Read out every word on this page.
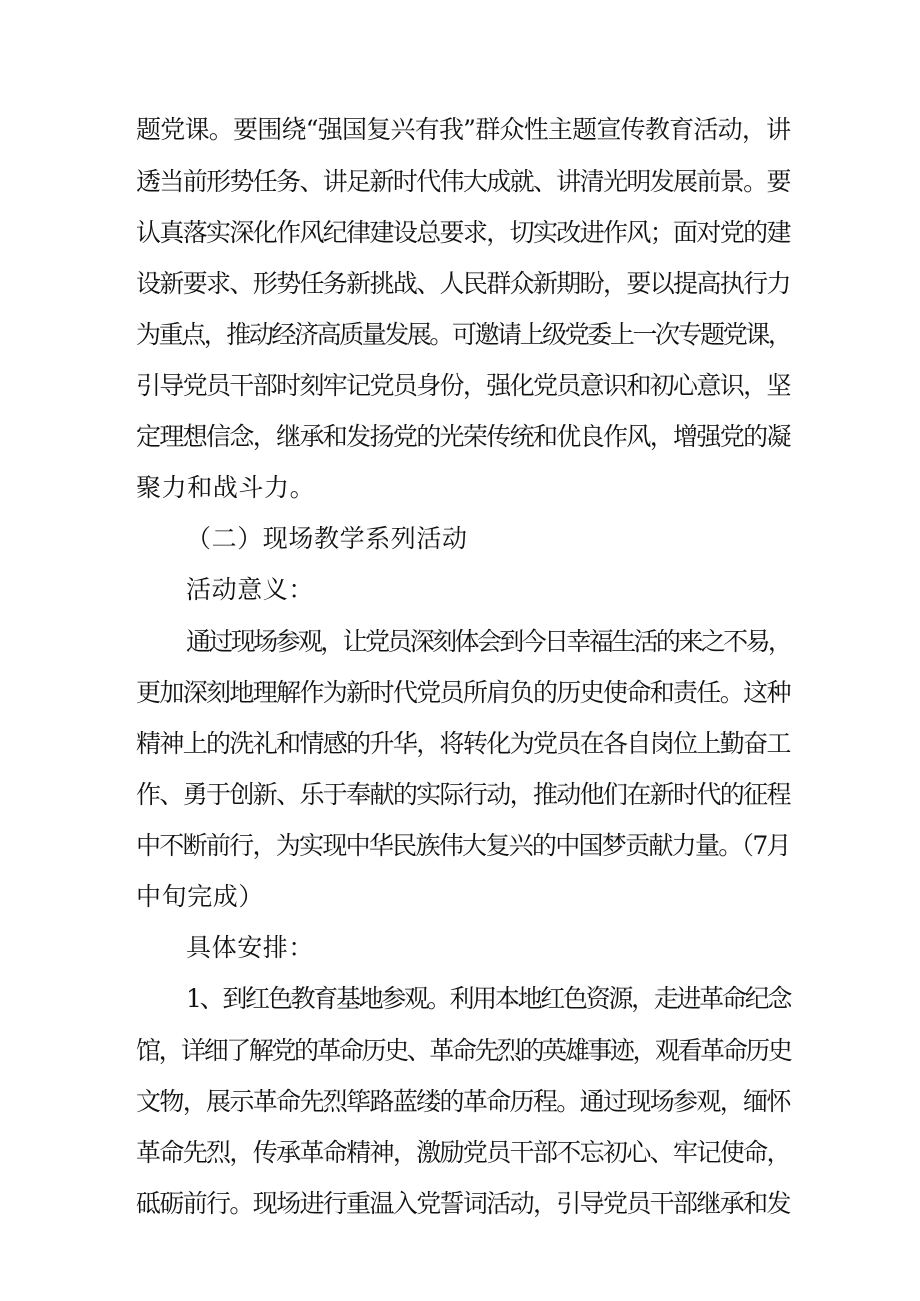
题党课。要围绕“强国复兴有我”群众性主题宣传教育活动，讲
透当前形势任务、讲足新时代伟大成就、讲清光明发展前景。要
认真落实深化作风纪律建设总要求，切实改进作风；面对党的建
设新要求、形势任务新挑战、人民群众新期盼，要以提高执行力
为重点，推动经济高质量发展。可邀请上级党委上一次专题党课，
引导党员干部时刻牢记党员身份，强化党员意识和初心意识，坚
定理想信念，继承和发扬党的光荣传统和优良作风，增强党的凝
聚力和战斗力。
（二）现场教学系列活动
活动意义：
通过现场参观，让党员深刻体会到今日幸福生活的来之不易，
更加深刻地理解作为新时代党员所肩负的历史使命和责任。这种
精神上的洗礼和情感的升华，将转化为党员在各自岗位上勤奋工
作、勇于创新、乐于奉献的实际行动，推动他们在新时代的征程
中不断前行，为实现中华民族伟大复兴的中国梦贡献力量。（7月
中旬完成）
具体安排：
1、到红色教育基地参观。利用本地红色资源，走进革命纪念
馆，详细了解党的革命历史、革命先烈的英雄事迹，观看革命历史
文物，展示革命先烈筚路蓝缕的革命历程。通过现场参观，缅怀
革命先烈，传承革命精神，激励党员干部不忘初心、牢记使命，
砥砺前行。现场进行重温入党誓词活动，引导党员干部继承和发
